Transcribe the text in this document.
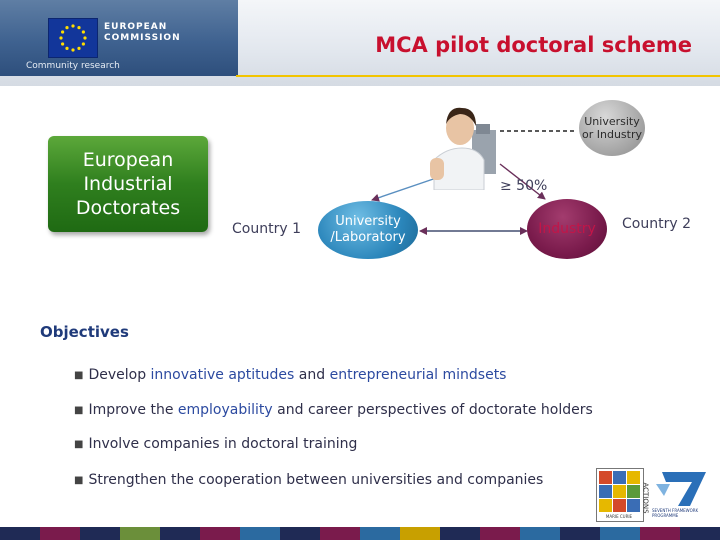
EUROPEAN
COMMISSION
Community research
MCA pilot doctoral scheme
European
Industrial
Doctorates
≥ 50%
Country 1	Country 2
University
/Laboratory
Industry
University
or Industry
Objectives
■ Develop innovative aptitudes and entrepreneurial mindsets
■ Improve the employability and career perspectives of doctorate holders
■ Involve companies in doctoral training
■ Strengthen the cooperation between universities and companies
MARIE CURIE
ACTIONS SEVENTH FRAMEWORK PROGRAMME
